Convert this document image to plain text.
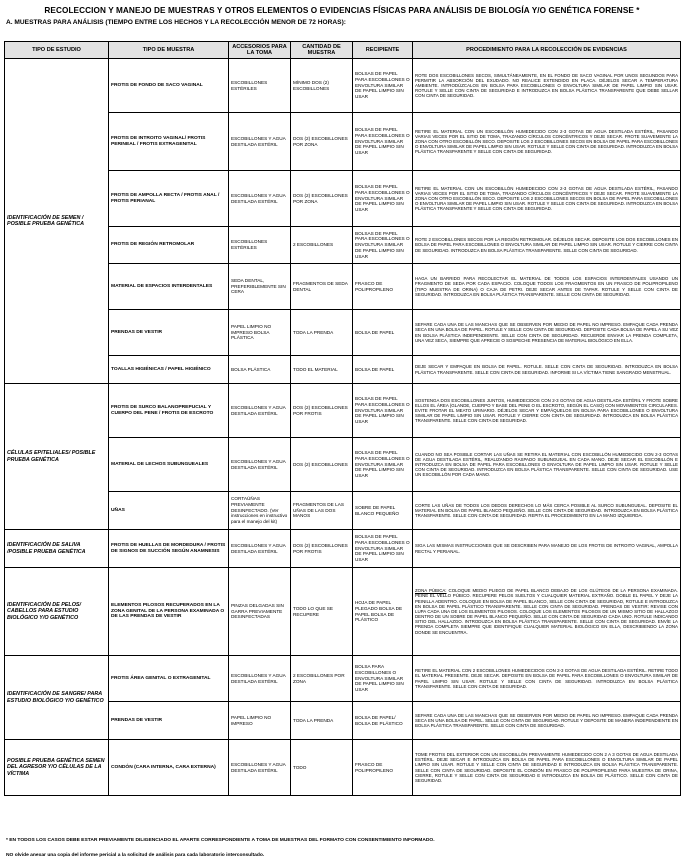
RECOLECCION Y MANEJO DE MUESTRAS Y OTROS ELEMENTOS O EVIDENCIAS FÍSICAS PARA ANÁLISIS DE BIOLOGÍA Y/O GENÉTICA FORENSE *
A. MUESTRAS PARA ANÁLISIS (TIEMPO ENTRE LOS HECHOS Y LA RECOLECCIÓN MENOR DE 72 HORAS):
TIPO DE ESTUDIO	TIPO DE MUESTRA	ACCESORIOS PARA LA TOMA	CANTIDAD DE MUESTRA	RECIPIENTE	PROCEDIMIENTO PARA LA RECOLECCIÓN DE EVIDENCIAS
IDENTIFICACIÓN DE SEMEN / POSIBLE PRUEBA GENÉTICA	FROTIS DE FONDO DE SACO VAGINAL	ESCOBILLONES ESTÉRILES	MÍNIMO DOS (2) ESCOBILLONES	BOLSAS DE PAPEL PARA ESCOBILLONES O ENVOLTURA SIMILAR DE PAPEL LIMPIO SIN USAR	ROTE DOS ESCOBILLONES SECOS, SIMULTÁNEAMENTE, EN EL FONDO DE SACO VAGINAL POR UNOS SEGUNDOS PARA PERMITIR LA ABSORCIÓN DEL EXUDADO. NO REALICE EXTENDIDO EN PLACA. DÉJELOS SECAR A TEMPERATURA AMBIENTE. INTRODÚZCALOS EN BOLSA PARA ESCOBILLONES O ENVOLTURA SIMILAR DE PAPEL LIMPIO SIN USAR. ROTULE Y SELLE CON CINTA DE SEGURIDAD E INTRODUZCA EN BOLSA PLÁSTICA TRANSPARENTE QUE DEBE SELLAR CON CINTA DE SEGURIDAD.
	FROTIS DE INTROITO VAGINAL/ FROTIS PERINEAL / FROTIS EXTRAGENITAL	ESCOBILLONES Y AGUA DESTILADA ESTÉRIL	DOS (2) ESCOBILLONES POR ZONA	BOLSAS DE PAPEL PARA ESCOBILLONES O ENVOLTURA SIMILAR DE PAPEL LIMPIO SIN USAR	RETIRE EL MATERIAL CON UN ESCOBILLÓN HUMEDECIDO CON 2-3 GOTAS DE AGUA DESTILADA ESTÉRIL, PASANDO VARIAS VECES POR EL SITIO DE TOMA, TRAZANDO CÍRCULOS CONCÉNTRICOS Y DEJE SECAR. FROTE SUAVEMENTE LA ZONA CON OTRO ESCOBILLÓN SECO. DEPOSITE LOS 2 ESCOBILLONES SECOS EN BOLSA DE PAPEL PARA ESCOBILLONES O ENVOLTURA SIMILAR DE PAPEL LIMPIO SIN USAR. ROTULE Y SELLE CON CINTA DE SEGURIDAD. INTRODUZCA EN BOLSA PLÁSTICA TRANSPARENTE Y SELLE CON CINTA DE SEGURIDAD.
	FROTIS DE AMPOLLA RECTA / FROTIS ANAL / FROTIS PERIANAL	ESCOBILLONES Y AGUA DESTILADA ESTÉRIL	DOS (2) ESCOBILLONES POR ZONA	BOLSAS DE PAPEL PARA ESCOBILLONES O ENVOLTURA SIMILAR DE PAPEL LIMPIO SIN USAR	RETIRE EL MATERIAL CON UN ESCOBILLÓN HUMEDECIDO CON 2-3 GOTAS DE AGUA DESTILADA ESTÉRIL, PASANDO VARIAS VECES POR EL SITIO DE TOMA, TRAZANDO CÍRCULOS CONCÉNTRICOS Y DEJE SECAR. FROTE SUAVEMENTE LA ZONA CON OTRO ESCOBILLÓN SECO. DEPOSITE LOS 2 ESCOBILLONES SECOS EN BOLSA DE PAPEL PARA ESCOBILLONES O ENVOLTURA SIMILAR DE PAPEL LIMPIO SIN USAR. ROTULE Y SELLE CON CINTA DE SEGURIDAD. INTRODUZCA EN BOLSA PLÁSTICA TRANSPARENTE Y SELLE CON CINTA DE SEGURIDAD.
	FROTIS DE REGIÓN RETROMOLAR	ESCOBILLONES ESTÉRILES	2 ESCOBILLONES	BOLSAS DE PAPEL PARA ESCOBILLONES O ENVOLTURA SIMILAR DE PAPEL LIMPIO SIN USAR	ROTE 2 ESCOBILLONES SECOS POR LA REGIÓN RETROMOLAR. DÉJELOS SECAR. DEPOSITE LOS DOS ESCOBILLONES EN BOLSA DE PAPEL PARA ESCOBILLONES O ENVOLTURA SIMILAR DE PAPEL LIMPIO SIN USAR. ROTULE Y CIERRE CON CINTA DE SEGURIDAD. INTRODUZCA EN BOLSA PLÁSTICA TRANSPARENTE. SELLE CON CINTA DE SEGURIDAD.
	MATERIAL DE ESPACIOS INTERDENTALES	SEDA DENTAL, PREFERIBLEMENTE SIN CERA	FRAGMENTOS DE SEDA DENTAL	FRASCO DE POLIPROPILENO	HAGA UN BARRIDO PARA RECOLECTAR EL MATERIAL DE TODOS LOS ESPACIOS INTERDENTALES USANDO UN FRAGMENTO DE SEDA POR CADA ESPACIO. COLOQUE TODOS LOS FRAGMENTOS EN UN FRASCO DE POLIPROPILENO (TIPO MUESTRA DE ORINA) O CAJA DE PETRI. DEJE SECAR ANTES DE TAPAR. ROTULE Y SELLE CON CINTA DE SEGURIDAD. INTRODUZCA EN BOLSA PLÁSTICA TRANSPARENTE. SELLE CON CINTA DE SEGURIDAD.
	PRENDAS DE VESTIR	PAPEL LIMPIO NO IMPRESO BOLSA PLÁSTICA	TODA LA PRENDA	BOLSA DE PAPEL	SEPARE CADA UNA DE LAS MANCHAS QUE SE OBSERVEN POR MEDIO DE PAPEL NO IMPRESO. EMPAQUE CADA PRENDA SECA EN UNA BOLSA DE PAPEL. ROTULE Y SELLE CON CINTA DE SEGURIDAD. DEPOSITE CADA BOLSA DE PAPEL A SU VEZ EN BOLSA PLÁSTICA INDEPENDIENTE. SELLE CON CINTA DE SEGURIDAD. RECUERDE ENVIAR LA PRENDA COMPLETA, UNA VEZ SECA, SIEMPRE QUE APRECIE O SOSPECHE PRESENCIA DE MATERIAL BIOLÓGICO EN ELLA.
	TOALLAS HIGIÉNICAS / PAPEL HIGIÉNICO	BOLSA PLÁSTICA	TODO EL MATERIAL	BOLSA DE PAPEL	DEJE SECAR Y EMPAQUE EN BOLSA DE PAPEL. ROTULE. SELLE CON CINTA DE SEGURIDAD. INTRODUZCA EN BOLSA PLÁSTICA TRANSPARENTE. SELLE CON CINTA DE SEGURIDAD. INFORME SI LA VÍCTIMA TIENE SANGRADO MENSTRUAL.
CÉLULAS EPITELIALES/ POSIBLE PRUEBA GENÉTICA	FROTIS DE SURCO BALANOPREPUCIAL Y CUERPO DEL PENE / FROTIS DE ESCROTO	ESCOBILLONES Y AGUA DESTILADA ESTÉRIL	DOS (2) ESCOBILLONES POR FROTIS	BOLSAS DE PAPEL PARA ESCOBILLONES O ENVOLTURA SIMILAR DE PAPEL LIMPIO SIN USAR	SOSTENGA DOS ESCOBILLONES JUNTOS, HUMEDECIDOS CON 2-3 GOTAS DE AGUA DESTILADA ESTÉRIL Y FROTE SOBRE ELLOS EL ÁREA (GLANDE, CUERPO Y BASE DEL PENE O EL ESCROTO, SEGÚN EL CASO) CON MOVIMIENTOS CIRCULARES. EVITE FROTAR EL MEATO URINARIO. DÉJELOS SECAR Y EMPÁQUELOS EN BOLSA PARA ESCOBILLONES O ENVOLTURA SIMILAR DE PAPEL LIMPIO SIN USAR. ROTULE Y CIERRE CON CINTA DE SEGURIDAD. INTRODUZCA EN BOLSA PLÁSTICA TRANSPARENTE. SELLE CON CINTA DE SEGURIDAD.
	MATERIAL DE LECHOS SUBUNGUEALES	ESCOBILLONES Y AGUA DESTILADA ESTÉRIL	DOS (2) ESCOBILLONES	BOLSAS DE PAPEL PARA ESCOBILLONES O ENVOLTURA SIMILAR DE PAPEL LIMPIO SIN USAR	CUANDO NO SEA POSIBLE CORTAR LAS UÑAS SE RETIRA EL MATERIAL CON ESCOBILLÓN HUMEDECIDO CON 2-3 GOTAS DE AGUA DESTILADA ESTÉRIL, REALIZANDO RASPADO SUBUNGUEAL EN CADA MANO. DEJE SECAR EL ESCOBILLÓN E INTRODUZCA EN BOLSA DE PAPEL PARA ESCOBILLONES O ENVOLTURA DE PAPEL LIMPIO SIN USAR. ROTULE Y SELLE CON CINTA DE SEGURIDAD. INTRODUZCA EN BOLSA PLÁSTICA TRANSPARENTE. SELLE CON CINTA DE SEGURIDAD. USE UN ESCOBILLÓN POR CADA MANO.
	UÑAS	CORTAÚÑAS PREVIAMENTE DESINFECTADO. (Ver instrucciones en instructivo para el manejo del kit)	FRAGMENTOS DE LAS UÑAS DE LAS DOS MANOS	SOBRE DE PAPEL BLANCO PEQUEÑO	CORTE LAS UÑAS DE TODOS LOS DEDOS DERECHOS LO MÁS CERCA POSIBLE AL SURCO SUBUNGUEAL. DEPOSITE EL MATERIAL EN BOLSA DE PAPEL BLANCO PEQUEÑO. SELLE CON CINTA DE SEGURIDAD. INTRODUZCA EN BOLSA PLÁSTICA TRANSPARENTE. SELLE CON CINTA DE SEGURIDAD. REPITA EL PROCEDIMIENTO EN LA MANO IZQUIERDA.
IDENTIFICACIÓN DE SALIVA /POSIBLE PRUEBA GENÉTICA	FROTIS DE HUELLAS DE MORDEDURA / FROTIS DE SIGNOS DE SUCCIÓN SEGÚN ANAMNESIS	ESCOBILLONES Y AGUA DESTILADA ESTÉRIL	DOS (2) ESCOBILLONES POR FROTIS	BOLSAS DE PAPEL PARA ESCOBILLONES O ENVOLTURA SIMILAR DE PAPEL LIMPIO SIN USAR	SIGA LAS MISMAS INSTRUCCIONES QUE SE DESCRIBEN PARA MANEJO DE LOS FROTIS DE INTROITO VAGINAL, AMPOLLA RECTAL Y PERIANAL.
IDENTIFICACIÓN DE PELOS/ CABELLOS PARA ESTUDIO BIOLÓGICO Y/O GENÉTICO	ELEMENTOS PILOSOS RECUPERADOS EN LA ZONA GENITAL DE LA PERSONA EXAMINADA O DE LAS PRENDAS DE VESTIR	PINZAS DELGADAS SIN GARRA PREVIAMENTE DESINFECTADAS	TODO LO QUE SE RECUPERE	HOJA DE PAPEL PLEGADO BOLSA DE PAPEL BOLSA DE PLÁSTICO	ZONA PÚBICA: COLOQUE MEDIO PLIEGO DE PAPEL BLANCO DEBAJO DE LOS GLÚTEOS DE LA PERSONA EXAMINADA. PEINE EL VELLO PÚBICO. RECUPERE PELOS SUELTOS Y CUALQUIER MATERIAL EXTRAÑO. DOBLE EL PAPEL Y DEJE LA PEINILLA ADENTRO. COLOQUE EN BOLSA DE PAPEL BLANCO, SELLE CON CINTA DE SEGURIDAD, ROTULE E INTRODUZCA EN BOLSA DE PAPEL PLÁSTICO TRANSPARENTE. SELLE CON CINTA DE SEGURIDAD. PRENDAS DE VESTIR: REVISE CON LUPA CADA UNA DE LOS ELEMENTOS PILOSOS. COLOQUE LOS ELEMENTOS PILOSOS DE UN MISMO SITIO DE HALLAZGO DENTRO DE UN SOBRE DE PAPEL BLANCO PEQUEÑO. SELLE CON CINTA DE SEGURIDAD CADA UNO. ROTULE INDICANDO SITIO DEL HALLAZGO. INTRODUZCA EN BOLSA PLÁSTICA TRANSPARENTE. SELLE CON CINTA DE SEGURIDAD. ENVÍE LA PRENDA COMPLETA SIEMPRE QUE IDENTIFIQUE CUALQUIER MATERIAL BIOLÓGICO EN ELLA, DESCRIBIENDO LA ZONA DONDE SE ENCUENTRA.
IDENTIFICACIÓN DE SANGRE/ PARA ESTUDIO BIOLÓGICO Y/O GENÉTICO	FROTIS ÁREA GENITAL O EXTRAGENITAL	ESCOBILLONES Y AGUA DESTILADA ESTÉRIL	2 ESCOBILLONES POR ZONA	BOLSA PARA ESCOBILLONES O ENVOLTURA SIMILAR DE PAPEL LIMPIO SIN USAR	RETIRE EL MATERIAL CON 2 ESCOBILLONES HUMEDECIDOS CON 2-3 GOTAS DE AGUA DESTILADA ESTÉRIL. RETIRE TODO EL MATERIAL PRESENTE. DEJE SECAR. DEPOSITE EN BOLSA DE PAPEL PARA ESCOBILLONES O ENVOLTURA SIMILAR DE PAPEL LIMPIO SIN USAR. ROTULE Y SELLE CON CINTA DE SEGURIDAD. INTRODUZCA EN BOLSA PLÁSTICA TRANSPARENTE. SELLE CON CINTA DE SEGURIDAD.
	PRENDAS DE VESTIR	PAPEL LIMPIO NO IMPRESO	TODA LA PRENDA	BOLSA DE PAPEL/ BOLSA DE PLÁSTICO	SEPARE CADA UNA DE LAS MANCHAS QUE SE OBSERVEN POR MEDIO DE PAPEL NO IMPRESO. EMPAQUE CADA PRENDA SECA EN UNA BOLSA DE PAPEL. SELLE CON CINTA DE SEGURIDAD. ROTULE Y DEPOSITE DE MANERA INDEPENDIENTE EN BOLSA PLÁSTICA TRANSPARENTE. SELLE CON CINTA DE SEGURIDAD.
POSIBLE PRUEBA GENÉTICA SEMEN DEL AGRESOR Y/O CÉLULAS DE LA VÍCTIMA	CONDÓN (CARA INTERNA, CARA EXTERNA)	ESCOBILLONES Y AGUA DESTILADA ESTÉRIL	TODO	FRASCO DE POLIPROPILENO	TOME FROTIS DEL EXTERIOR CON UN ESCOBILLÓN PREVIAMENTE HUMEDECIDO CON 2 A 3 GOTAS DE AGUA DESTILADA ESTÉRIL. DEJE SECAR E INTRODUZCA EN BOLSA DE PAPEL PARA ESCOBILLONES O ENVOLTURA SIMILAR DE PAPEL LIMPIO SIN USAR. ROTULE Y SELLE CON CINTA DE SEGURIDAD E INTRODUZCA EN BOLSA PLÁSTICA TRANSPARENTE. SELLE CON CINTA DE SEGURIDAD. DEPOSITE EL CONDÓN EN FRASCO DE POLIPROPILENO PARA MUESTRA DE ORINA, CIERRE, ROTULE Y SELLE CON CINTA DE SEGURIDAD E INTRODUZCA EN BOLSA DE PLÁSTICO. SELLE CON CINTA DE SEGURIDAD.
* EN TODOS LOS CASOS DEBE ESTAR PREVIAMENTE DILIGENCIADO EL APARTE CORRESPONDIENTE A TOMA DE MUESTRAS DEL FORMATO CON CONSENTIMIENTO INFORMADO.
NO olvide anexar una copia del informe pericial a la solicitud de análisis para cada laboratorio interconsultado.
